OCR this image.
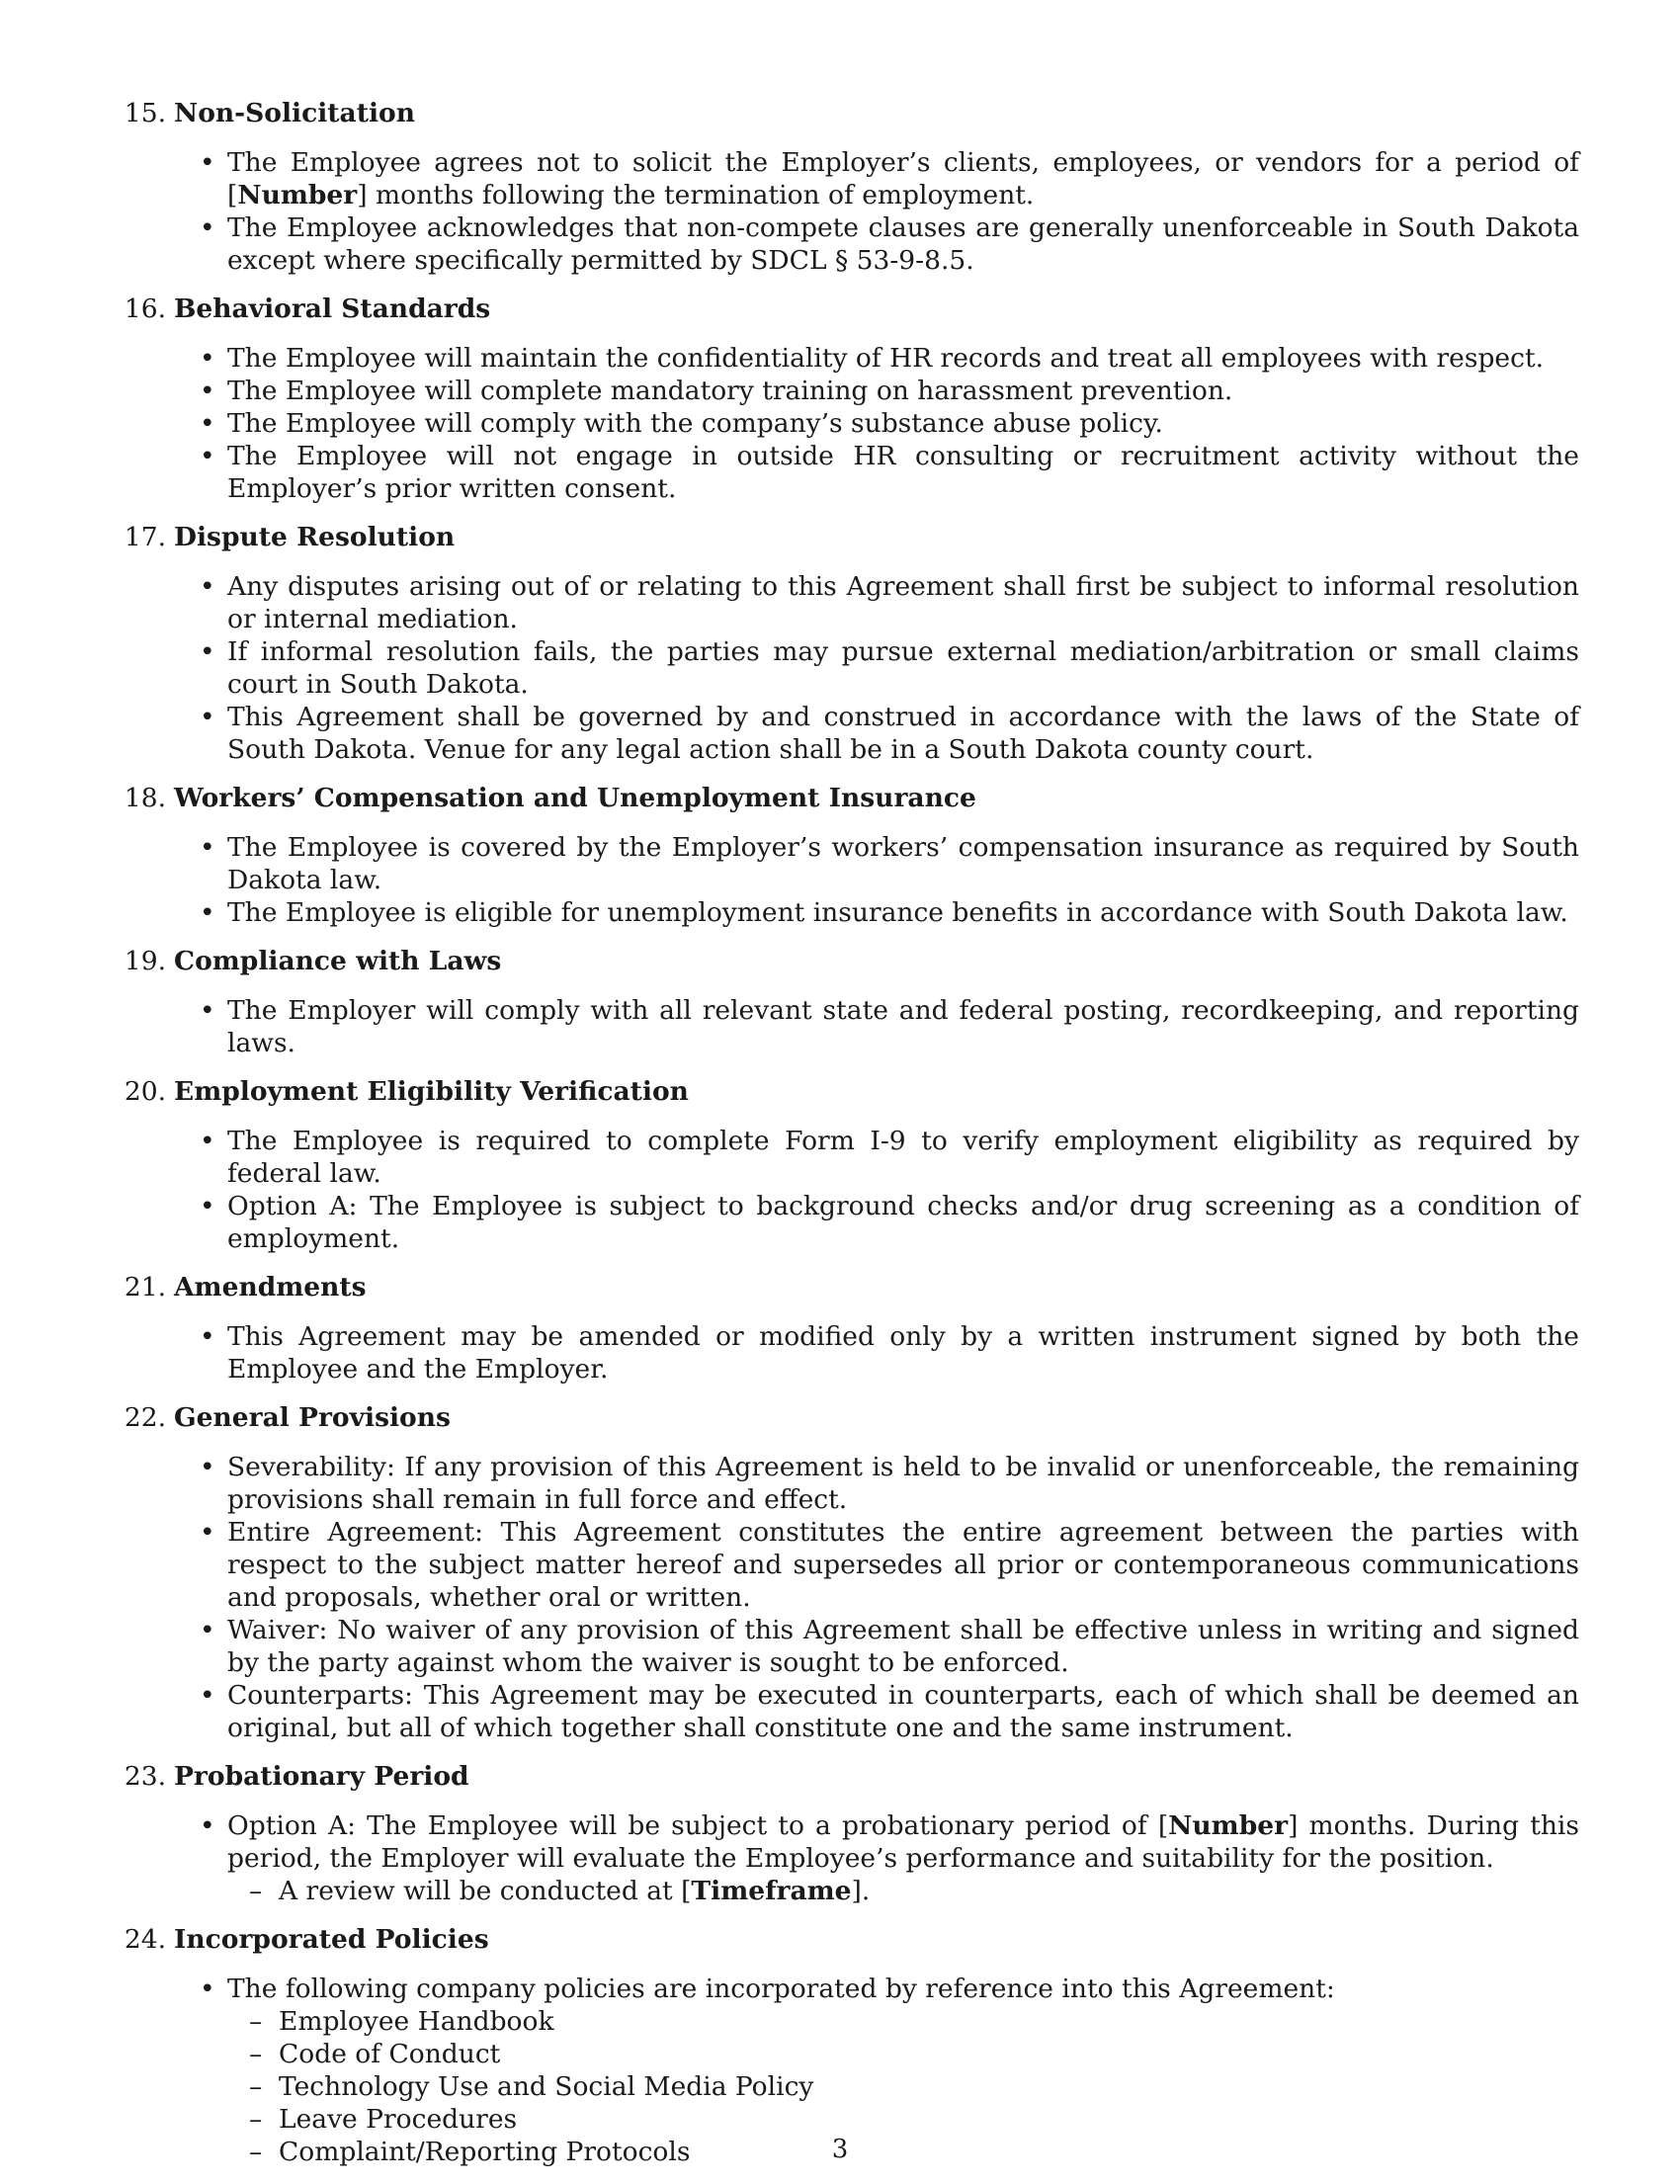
15. Non-Solicitation
• The Employee agrees not to solicit the Employer’s clients, employees, or vendors for a period of [Number] months following the termination of employment.
• The Employee acknowledges that non-compete clauses are generally unenforceable in South Dakota except where specifically permitted by SDCL § 53-9-8.5.
16. Behavioral Standards
• The Employee will maintain the confidentiality of HR records and treat all employees with respect.
• The Employee will complete mandatory training on harassment prevention.
• The Employee will comply with the company’s substance abuse policy.
• The Employee will not engage in outside HR consulting or recruitment activity without the Employer’s prior written consent.
17. Dispute Resolution
• Any disputes arising out of or relating to this Agreement shall first be subject to informal resolution or internal mediation.
• If informal resolution fails, the parties may pursue external mediation/arbitration or small claims court in South Dakota.
• This Agreement shall be governed by and construed in accordance with the laws of the State of South Dakota. Venue for any legal action shall be in a South Dakota county court.
18. Workers’ Compensation and Unemployment Insurance
• The Employee is covered by the Employer’s workers’ compensation insurance as required by South Dakota law.
• The Employee is eligible for unemployment insurance benefits in accordance with South Dakota law.
19. Compliance with Laws
• The Employer will comply with all relevant state and federal posting, recordkeeping, and reporting laws.
20. Employment Eligibility Verification
• The Employee is required to complete Form I-9 to verify employment eligibility as required by federal law.
• Option A: The Employee is subject to background checks and/or drug screening as a condition of employment.
21. Amendments
• This Agreement may be amended or modified only by a written instrument signed by both the Employee and the Employer.
22. General Provisions
• Severability: If any provision of this Agreement is held to be invalid or unenforceable, the remaining provisions shall remain in full force and effect.
• Entire Agreement: This Agreement constitutes the entire agreement between the parties with respect to the subject matter hereof and supersedes all prior or contemporaneous communications and proposals, whether oral or written.
• Waiver: No waiver of any provision of this Agreement shall be effective unless in writing and signed by the party against whom the waiver is sought to be enforced.
• Counterparts: This Agreement may be executed in counterparts, each of which shall be deemed an original, but all of which together shall constitute one and the same instrument.
23. Probationary Period
• Option A: The Employee will be subject to a probationary period of [Number] months. During this period, the Employer will evaluate the Employee’s performance and suitability for the position.
– A review will be conducted at [Timeframe].
24. Incorporated Policies
• The following company policies are incorporated by reference into this Agreement:
– Employee Handbook
– Code of Conduct
– Technology Use and Social Media Policy
– Leave Procedures
– Complaint/Reporting Protocols	3
